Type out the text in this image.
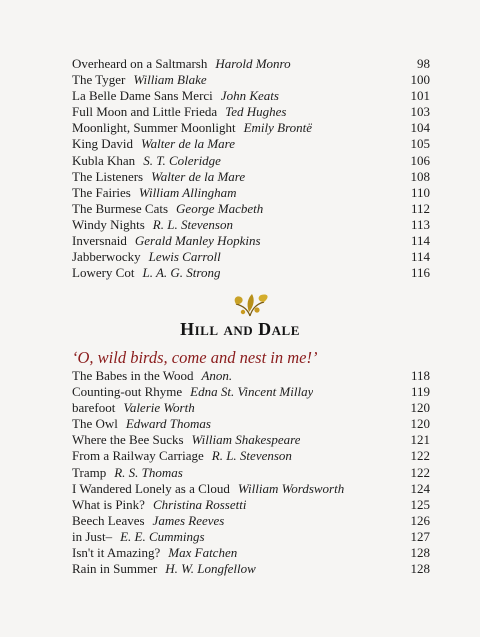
Overheard on a Saltmarsh Harold Monro	98
The Tyger William Blake	100
La Belle Dame Sans Merci John Keats	101
Full Moon and Little Frieda Ted Hughes	103
Moonlight, Summer Moonlight Emily Brontë	104
King David Walter de la Mare	105
Kubla Khan S. T. Coleridge	106
The Listeners Walter de la Mare	108
The Fairies William Allingham	110
The Burmese Cats George Macbeth	112
Windy Nights R. L. Stevenson	113
Inversnaid Gerald Manley Hopkins	114
Jabberwocky Lewis Carroll	114
Lowery Cot L. A. G. Strong	116
Hill and Dale
‘O, wild birds, come and nest in me!’
The Babes in the Wood Anon.	118
Counting-out Rhyme Edna St. Vincent Millay	119
barefoot Valerie Worth	120
The Owl Edward Thomas	120
Where the Bee Sucks William Shakespeare	121
From a Railway Carriage R. L. Stevenson	122
Tramp R. S. Thomas	122
I Wandered Lonely as a Cloud William Wordsworth	124
What is Pink? Christina Rossetti	125
Beech Leaves James Reeves	126
in Just– E. E. Cummings	127
Isn't it Amazing? Max Fatchen	128
Rain in Summer H. W. Longfellow	128
